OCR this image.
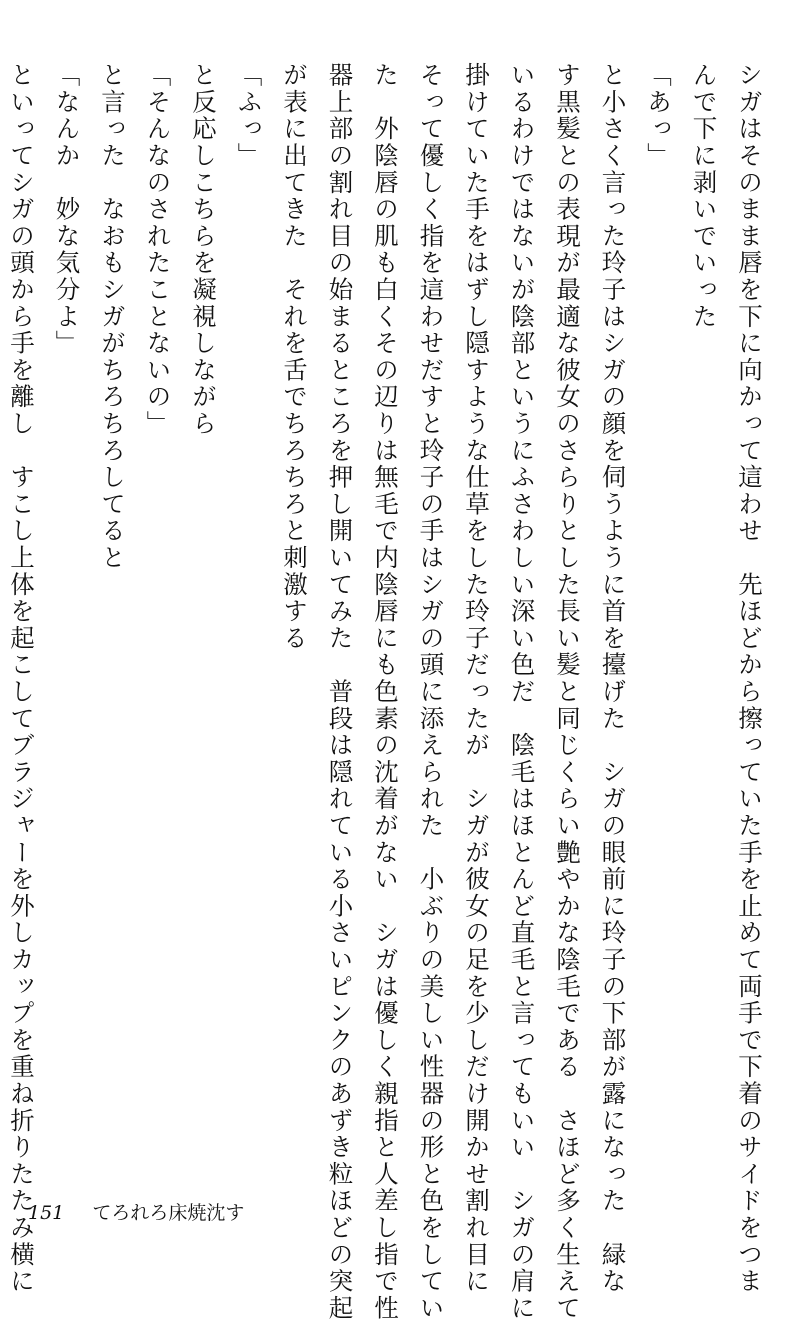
シガはそのまま唇を下に向かって這わせ　先ほどから擦っていた手を止めて両手で下着のサイドをつま
んで下に剥いでいった
「あっ」
と小さく言った玲子はシガの顔を伺うように首を擡げた　シガの眼前に玲子の下部が露になった　緑な
す黒髪との表現が最適な彼女のさらりとした長い髪と同じくらい艶やかな陰毛である　さほど多く生えて
いるわけではないが陰部というにふさわしい深い色だ　陰毛はほとんど直毛と言ってもいい　シガの肩に
掛けていた手をはずし隠すような仕草をした玲子だったが　シガが彼女の足を少しだけ開かせ割れ目に
そって優しく指を這わせだすと玲子の手はシガの頭に添えられた　小ぶりの美しい性器の形と色をしてい
た　外陰唇の肌も白くその辺りは無毛で内陰唇にも色素の沈着がない　シガは優しく親指と人差し指で性
器上部の割れ目の始まるところを押し開いてみた　普段は隠れている小さいピンクのあずき粒ほどの突起
が表に出てきた　それを舌でちろちろと刺激する
「ふっ」
と反応しこちらを凝視しながら
「そんなのされたことないの」
と言った　なおもシガがちろちろしてると
「なんか　妙な気分よ」
といってシガの頭から手を離し　すこし上体を起こしてブラジャーを外しカップを重ね折りたたみ横に
151 てろれろ床焼沈す
